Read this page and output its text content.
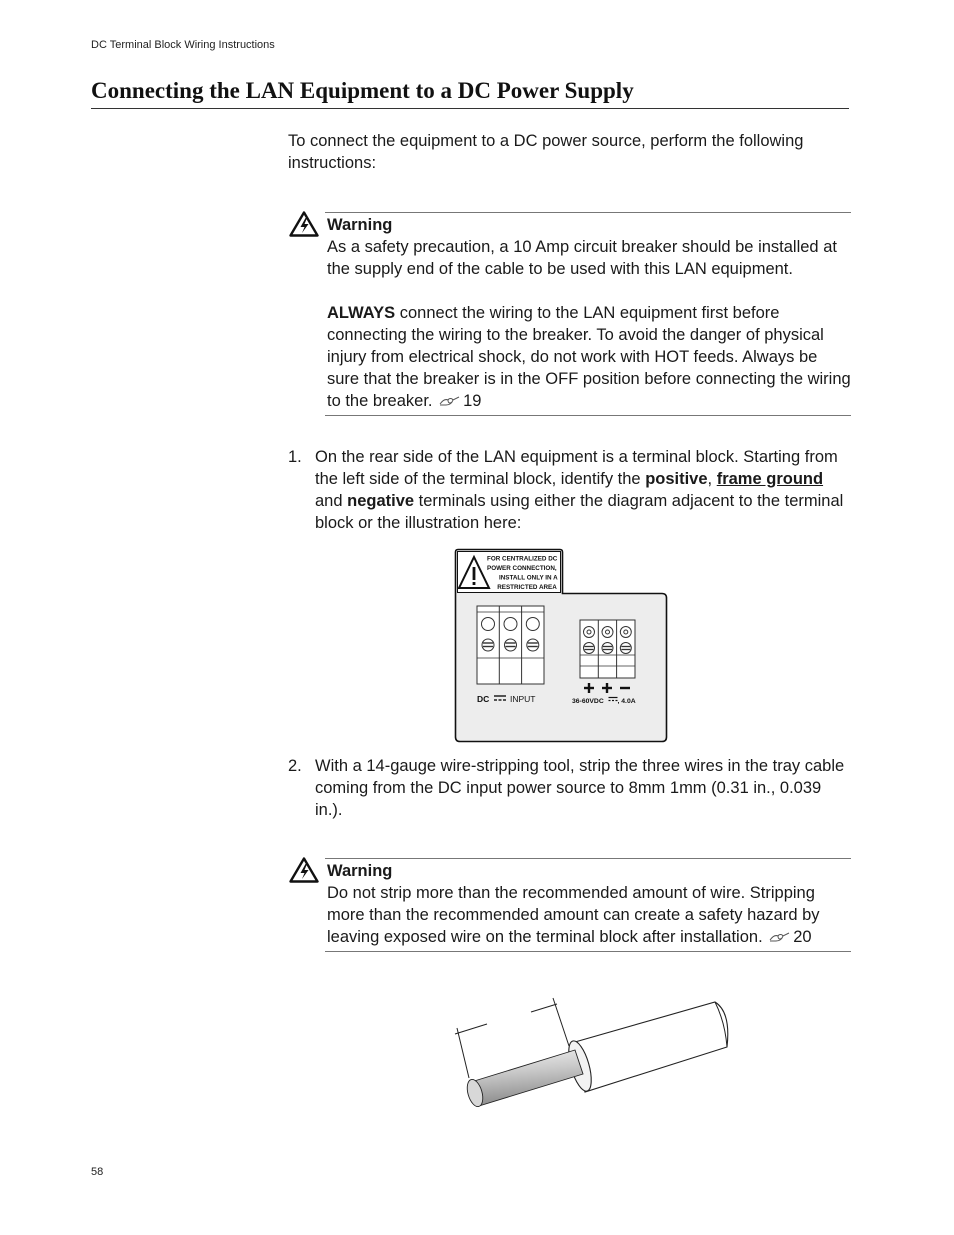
DC Terminal Block Wiring Instructions
Connecting the LAN Equipment to a DC Power Supply
To connect the equipment to a DC power source, perform the following instructions:
Warning

As a safety precaution, a 10 Amp circuit breaker should be installed at the supply end of the cable to be used with this LAN equipment.

ALWAYS connect the wiring to the LAN equipment first before connecting the wiring to the breaker. To avoid the danger of physical injury from electrical shock, do not work with HOT feeds. Always be sure that the breaker is in the OFF position before connecting the wiring to the breaker. 19

1. On the rear side of the LAN equipment is a terminal block. Starting from the left side of the terminal block, identify the positive, frame ground and negative terminals using either the diagram adjacent to the terminal block or the illustration here:
FOR CENTRALIZED DC
POWER CONNECTION,
INSTALL ONLY IN A
RESTRICTED AREA
DC INPUT	36-60VDC , 4.0A
2. With a 14-gauge wire-stripping tool, strip the three wires in the tray cable coming from the DC input power source to 8mm 1mm (0.31 in., 0.039 in.).
Warning

Do not strip more than the recommended amount of wire. Stripping more than the recommended amount can create a safety hazard by leaving exposed wire on the terminal block after installation. 20

58
